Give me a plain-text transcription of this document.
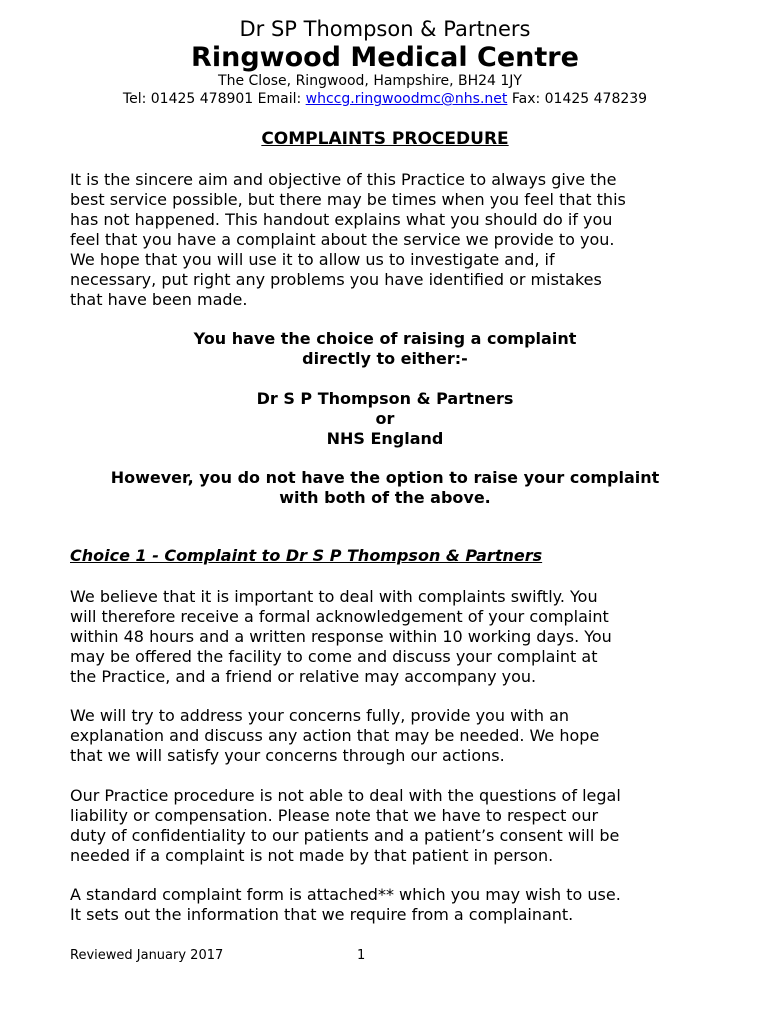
Dr SP Thompson & Partners
Ringwood Medical Centre
The Close, Ringwood, Hampshire, BH24 1JY
Tel: 01425 478901 Email: whccg.ringwoodmc@nhs.net Fax: 01425 478239
COMPLAINTS PROCEDURE

It is the sincere aim and objective of this Practice to always give the
best service possible, but there may be times when you feel that this
has not happened. This handout explains what you should do if you
feel that you have a complaint about the service we provide to you.
We hope that you will use it to allow us to investigate and, if
necessary, put right any problems you have identified or mistakes
that have been made.

You have the choice of raising a complaint
directly to either:-

Dr S P Thompson & Partners
or
NHS England

However, you do not have the option to raise your complaint
with both of the above.

Choice 1 - Complaint to Dr S P Thompson & Partners

We believe that it is important to deal with complaints swiftly. You
will therefore receive a formal acknowledgement of your complaint
within 48 hours and a written response within 10 working days. You
may be offered the facility to come and discuss your complaint at
the Practice, and a friend or relative may accompany you.

We will try to address your concerns fully, provide you with an
explanation and discuss any action that may be needed. We hope
that we will satisfy your concerns through our actions.

Our Practice procedure is not able to deal with the questions of legal
liability or compensation. Please note that we have to respect our
duty of confidentiality to our patients and a patient’s consent will be
needed if a complaint is not made by that patient in person.

A standard complaint form is attached** which you may wish to use.
It sets out the information that we require from a complainant.

Reviewed January 2017	1
